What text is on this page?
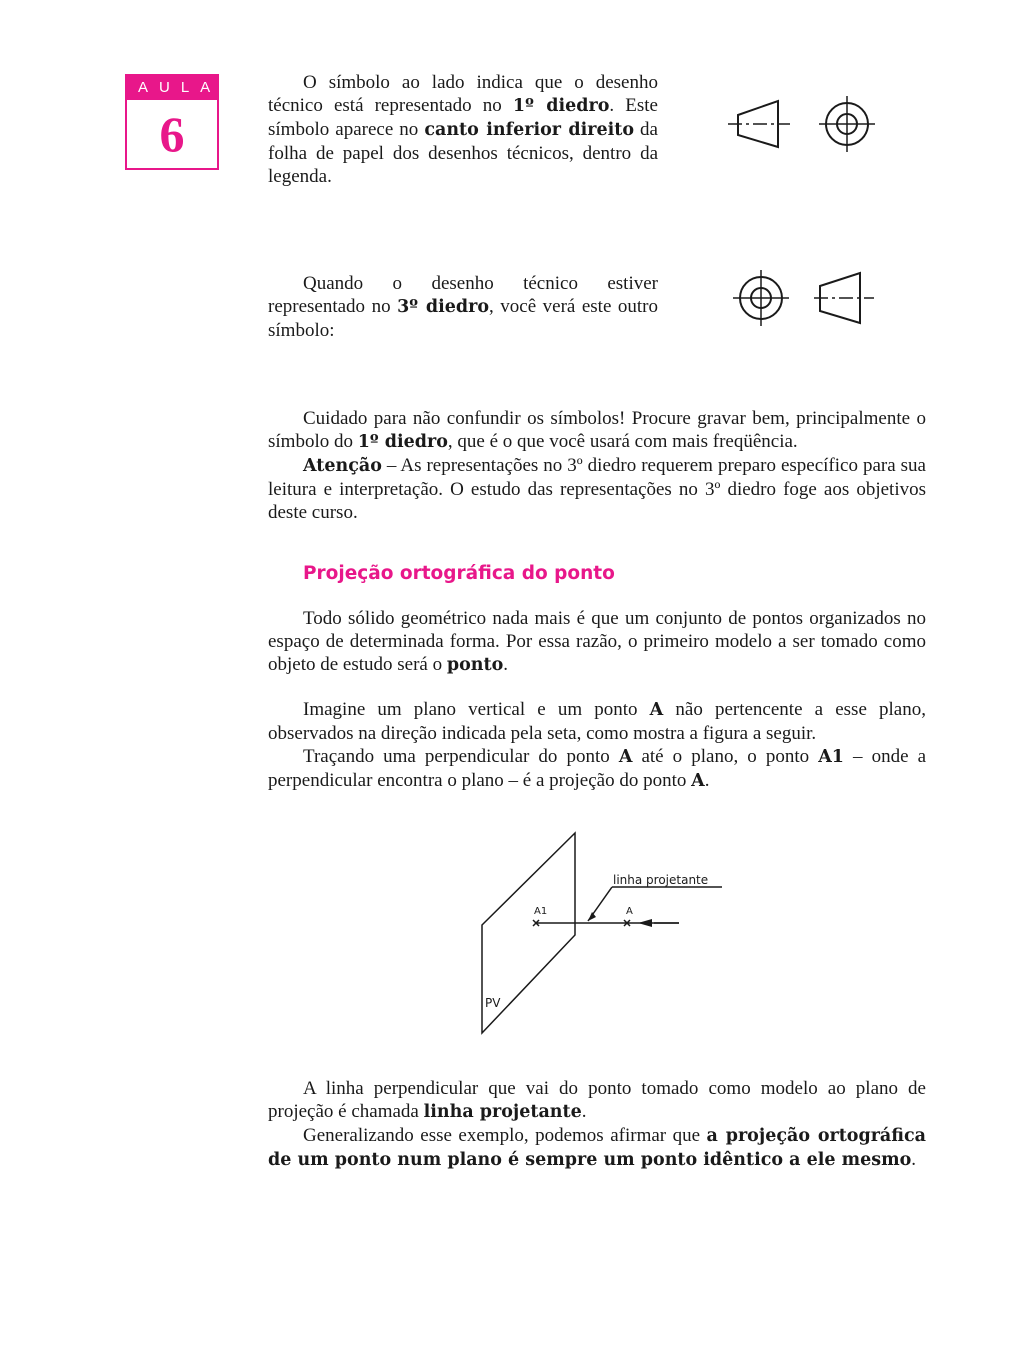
AULA
6

O símbolo ao lado indica que o desenho técnico está representado no 1º diedro. Este símbolo aparece no canto inferior direito da folha de papel dos desenhos técnicos, dentro da legenda.

Quando o desenho técnico estiver representado no 3º diedro, você verá este outro símbolo:

Cuidado para não confundir os símbolos! Procure gravar bem, principalmente o símbolo do 1º diedro, que é o que você usará com mais freqüência.

Atenção – As representações no 3º diedro requerem preparo específico para sua leitura e interpretação. O estudo das representações no 3º diedro foge aos objetivos deste curso.

Projeção ortográfica do ponto

Todo sólido geométrico nada mais é que um conjunto de pontos organizados no espaço de determinada forma. Por essa razão, o primeiro modelo a ser tomado como objeto de estudo será o ponto.

Imagine um plano vertical e um ponto A não pertencente a esse plano, observados na direção indicada pela seta, como mostra a figura a seguir.

Traçando uma perpendicular do ponto A até o plano, o ponto A1 – onde a perpendicular encontra o plano – é a projeção do ponto A.

linha projetante
A1	A
PV

A linha perpendicular que vai do ponto tomado como modelo ao plano de projeção é chamada linha projetante.

Generalizando esse exemplo, podemos afirmar que a projeção ortográfica de um ponto num plano é sempre um ponto idêntico a ele mesmo.
